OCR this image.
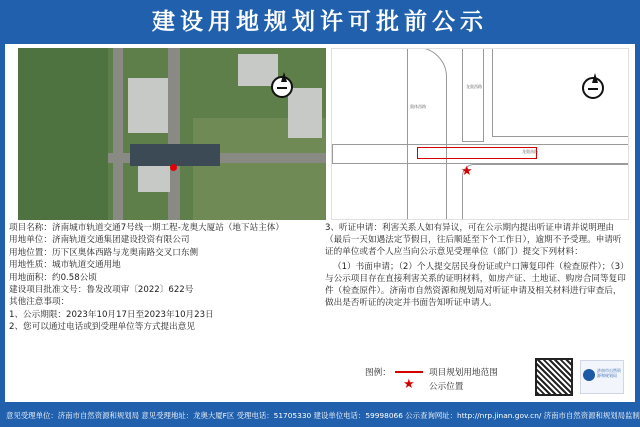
建设用地规划许可批前公示
奥体西路
龙奥西路
龙奥南路
★
项目名称：济南城市轨道交通7号线一期工程-龙奥大厦站（地下站主体）
用地单位：济南轨道交通集团建设投资有限公司
用地位置：历下区奥体西路与龙奥南路交叉口东侧
用地性质：城市轨道交通用地
用地面积：约0.58公顷
建设项目批准文号：鲁发改项审〔2022〕622号
其他注意事项：
1、公示期限：2023年10月17日至2023年10月23日
2、您可以通过电话或到受理单位等方式提出意见
3、听证申请：利害关系人如有异议，可在公示期内提出听证申请并说明理由（最后一天如遇法定节假日，往后顺延至下个工作日），逾期不予受理。申请听证的单位或者个人应当向公示意见受理单位（部门）提交下列材料：
（1）书面申请；（2）个人提交居民身份证或户口簿复印件（检查原件）；（3）与公示项目存在直接利害关系的证明材料，如房产证、土地证、购房合同等复印件（检查原件）。济南市自然资源和规划局对听证申请及相关材料进行审查后，做出是否听证的决定并书面告知听证申请人。
图例：	项目规划用地范围
★ 公示位置
济南市自然资源和规划局
意见受理单位：济南市自然资源和规划局 意见受理地址：龙奥大厦F区 受理电话：51705330 建设单位电话：59998066 公示查询网址：http://nrp.jinan.gov.cn/ 济南市自然资源和规划局监制
